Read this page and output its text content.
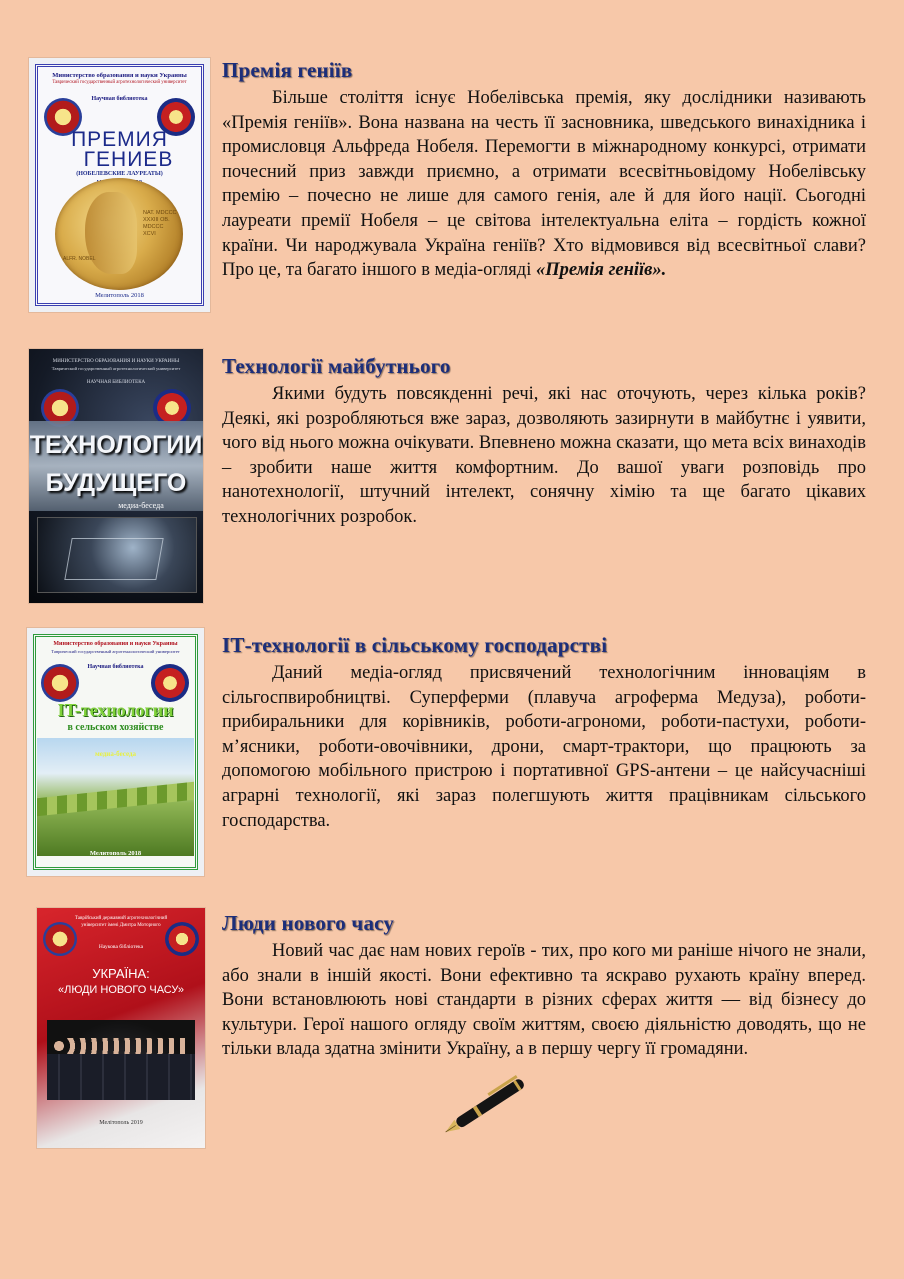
Министерство образования и науки Украины
Таврический государственный агротехнологический университет
Научная библиотека
ПРЕМИЯ
ГЕНИЕВ
(НОБЕЛЕВСКИЕ ЛАУРЕАТЫ)
ALFR. NOBEL
NAT. MDCCC XXXIII OB. MDCCC XCVI
Мелитополь 2018
Премія геніїв

Більше століття існує Нобелівська премія, яку дослідники називають «Премія геніїв». Вона названа на честь її засновника, шведського винахідника і промисловця Альфреда Нобеля. Перемогти в міжнародному конкурсі, отримати почесний приз завжди приємно, а отримати всесвітньовідому Нобелівську премію – почесно не лише для самого генія, але й для його нації. Сьогодні лауреати премії Нобеля – це світова інтелектуальна еліта – гордість кожної країни. Чи народжувала Україна геніїв? Хто відмовився від всесвітньої слави? Про це, та багато іншого в медіа-огляді «Премія геніїв».

МИНИСТЕРСТВО ОБРАЗОВАНИЯ И НАУКИ УКРАИНЫ
Таврический государственный агротехнологический университет
НАУЧНАЯ БИБЛИОТЕКА
ТЕХНОЛОГИИ
БУДУЩЕГО
медиа-беседа
Технології майбутнього

Якими будуть повсякденні речі, які нас оточують, через кілька років? Деякі, які розробляються вже зараз, дозволяють зазирнути в майбутнє і уявити, чого від нього можна очікувати. Впевнено можна сказати, що мета всіх винаходів – зробити наше життя комфортним. До вашої уваги розповідь про нанотехнології, штучний інтелект, сонячну хімію та ще багато цікавих технологічних розробок.

Министерство образования и науки Украины
Таврический государственный агротехнологический университет
Научная библиотека
IT-технологии
в сельском хозяйстве
медиа-беседа
Мелитополь 2018
ІТ-технології в сільському господарстві

Даний медіа-огляд присвячений технологічним інноваціям в сільгоспвиробництві. Суперферми (плавуча агроферма Медуза), роботи-прибиральники для корівників, роботи-агрономи, роботи-пастухи, роботи-м’ясники, роботи-овочівники, дрони, смарт-трактори, що працюють за допомогою мобільного пристрою і портативної GPS-антени – це найсучасніші аграрні технології, які зараз полегшують життя працівникам сільського господарства.

Таврійський державний агротехнологічний університет імені Дмитра Моторного
Наукова бібліотека
УКРАЇНА:
«ЛЮДИ НОВОГО ЧАСУ»
Мелітополь 2019
Люди нового часу

Новий час дає нам нових героїв - тих, про кого ми раніше нічого не знали, або знали в іншій якості. Вони ефективно та яскраво рухають країну вперед. Вони встановлюють нові стандарти в різних сферах життя — від бізнесу до культури. Герої нашого огляду своїм життям, своєю діяльністю доводять, що не тільки влада здатна змінити Україну, а в першу чергу її громадяни.
